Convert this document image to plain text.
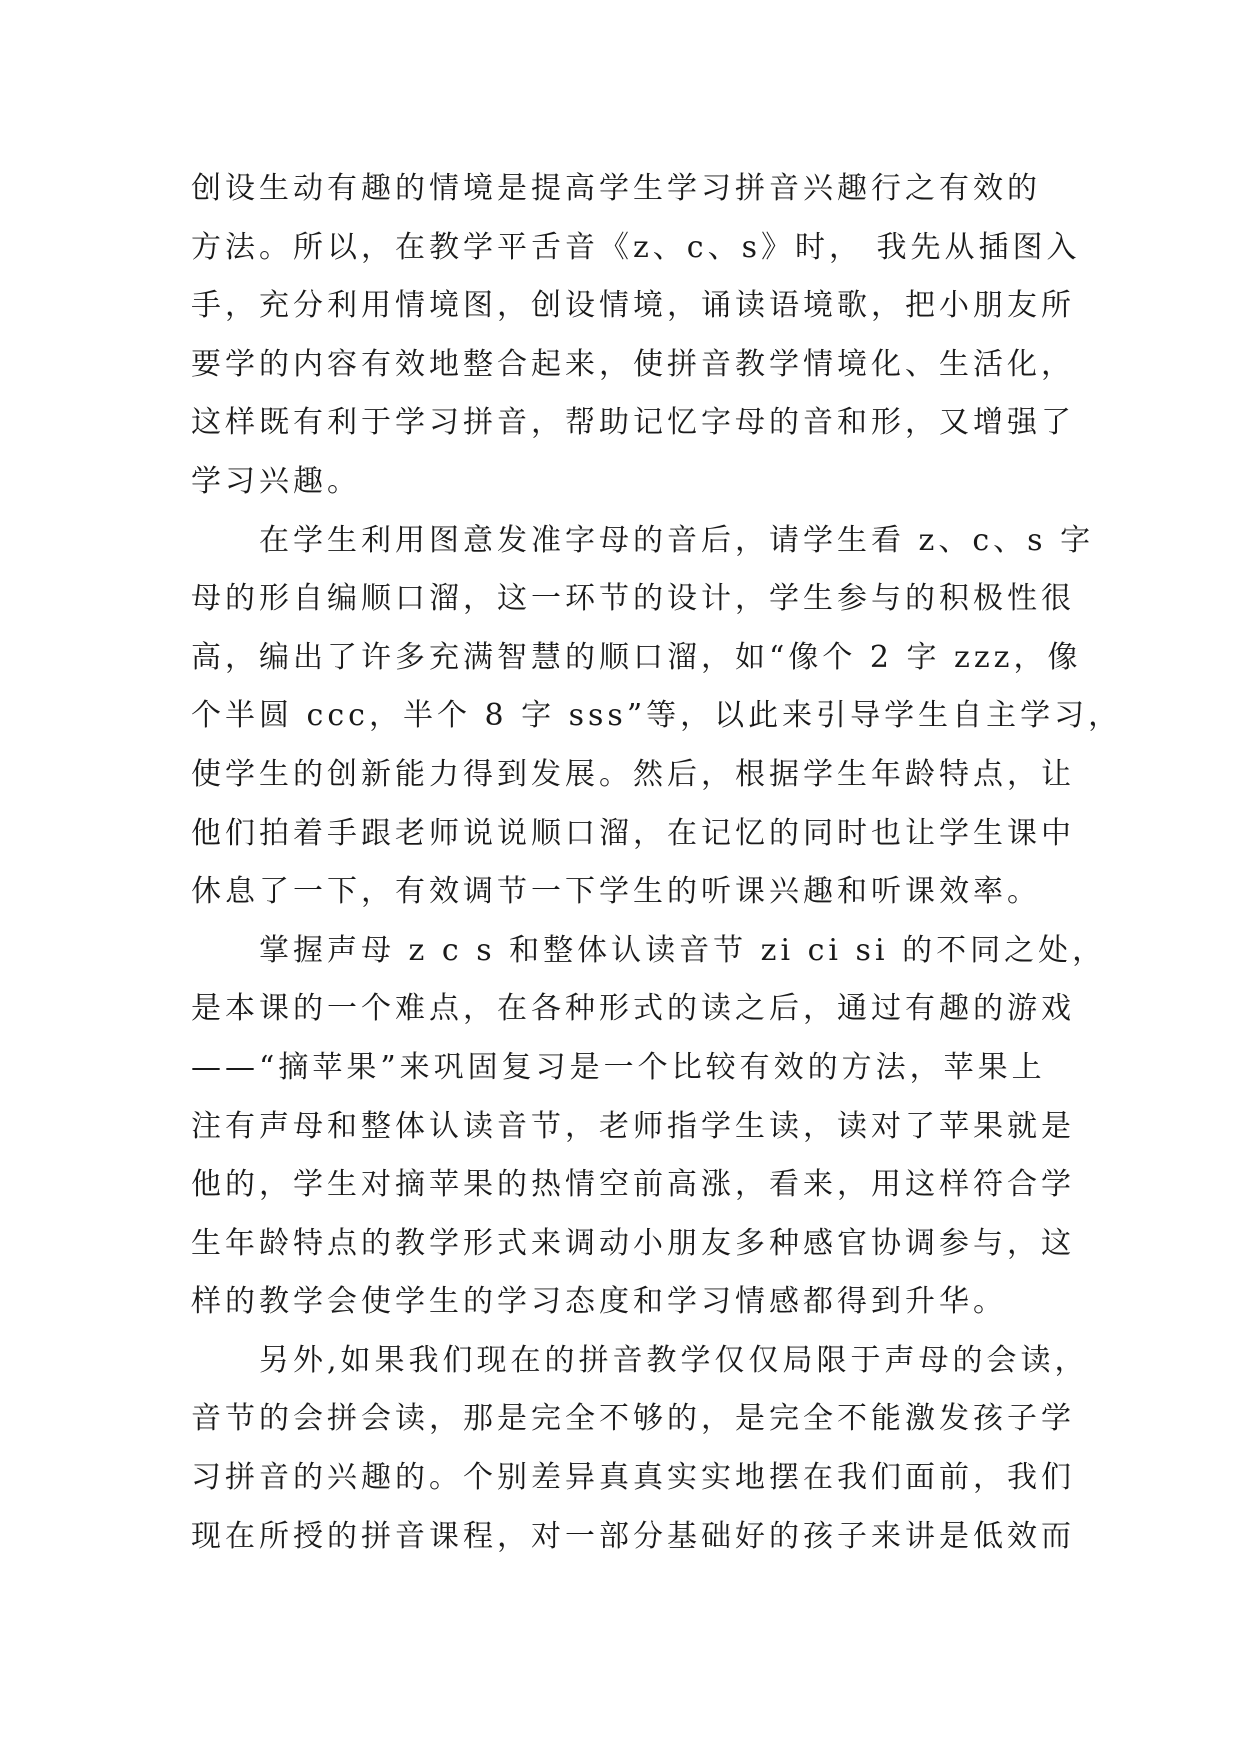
创设生动有趣的情境是提高学生学习拼音兴趣行之有效的
方法。所以，在教学平舌音《z、c、s》时， 我先从插图入
手，充分利用情境图，创设情境，诵读语境歌，把小朋友所
要学的内容有效地整合起来，使拼音教学情境化、生活化，
这样既有利于学习拼音，帮助记忆字母的音和形，又增强了
学习兴趣。
　　在学生利用图意发准字母的音后，请学生看 z、c、s 字
母的形自编顺口溜，这一环节的设计，学生参与的积极性很
高，编出了许多充满智慧的顺口溜，如“像个 2 字 zzz，像
个半圆 ccc，半个 8 字 sss”等，以此来引导学生自主学习，
使学生的创新能力得到发展。然后，根据学生年龄特点，让
他们拍着手跟老师说说顺口溜，在记忆的同时也让学生课中
休息了一下，有效调节一下学生的听课兴趣和听课效率。
　　掌握声母 z c s 和整体认读音节 zi ci si 的不同之处，
是本课的一个难点，在各种形式的读之后，通过有趣的游戏
——“摘苹果”来巩固复习是一个比较有效的方法，苹果上
注有声母和整体认读音节，老师指学生读，读对了苹果就是
他的，学生对摘苹果的热情空前高涨，看来，用这样符合学
生年龄特点的教学形式来调动小朋友多种感官协调参与，这
样的教学会使学生的学习态度和学习情感都得到升华。
　　另外,如果我们现在的拼音教学仅仅局限于声母的会读，
音节的会拼会读，那是完全不够的，是完全不能激发孩子学
习拼音的兴趣的。个别差异真真实实地摆在我们面前，我们
现在所授的拼音课程，对一部分基础好的孩子来讲是低效而
